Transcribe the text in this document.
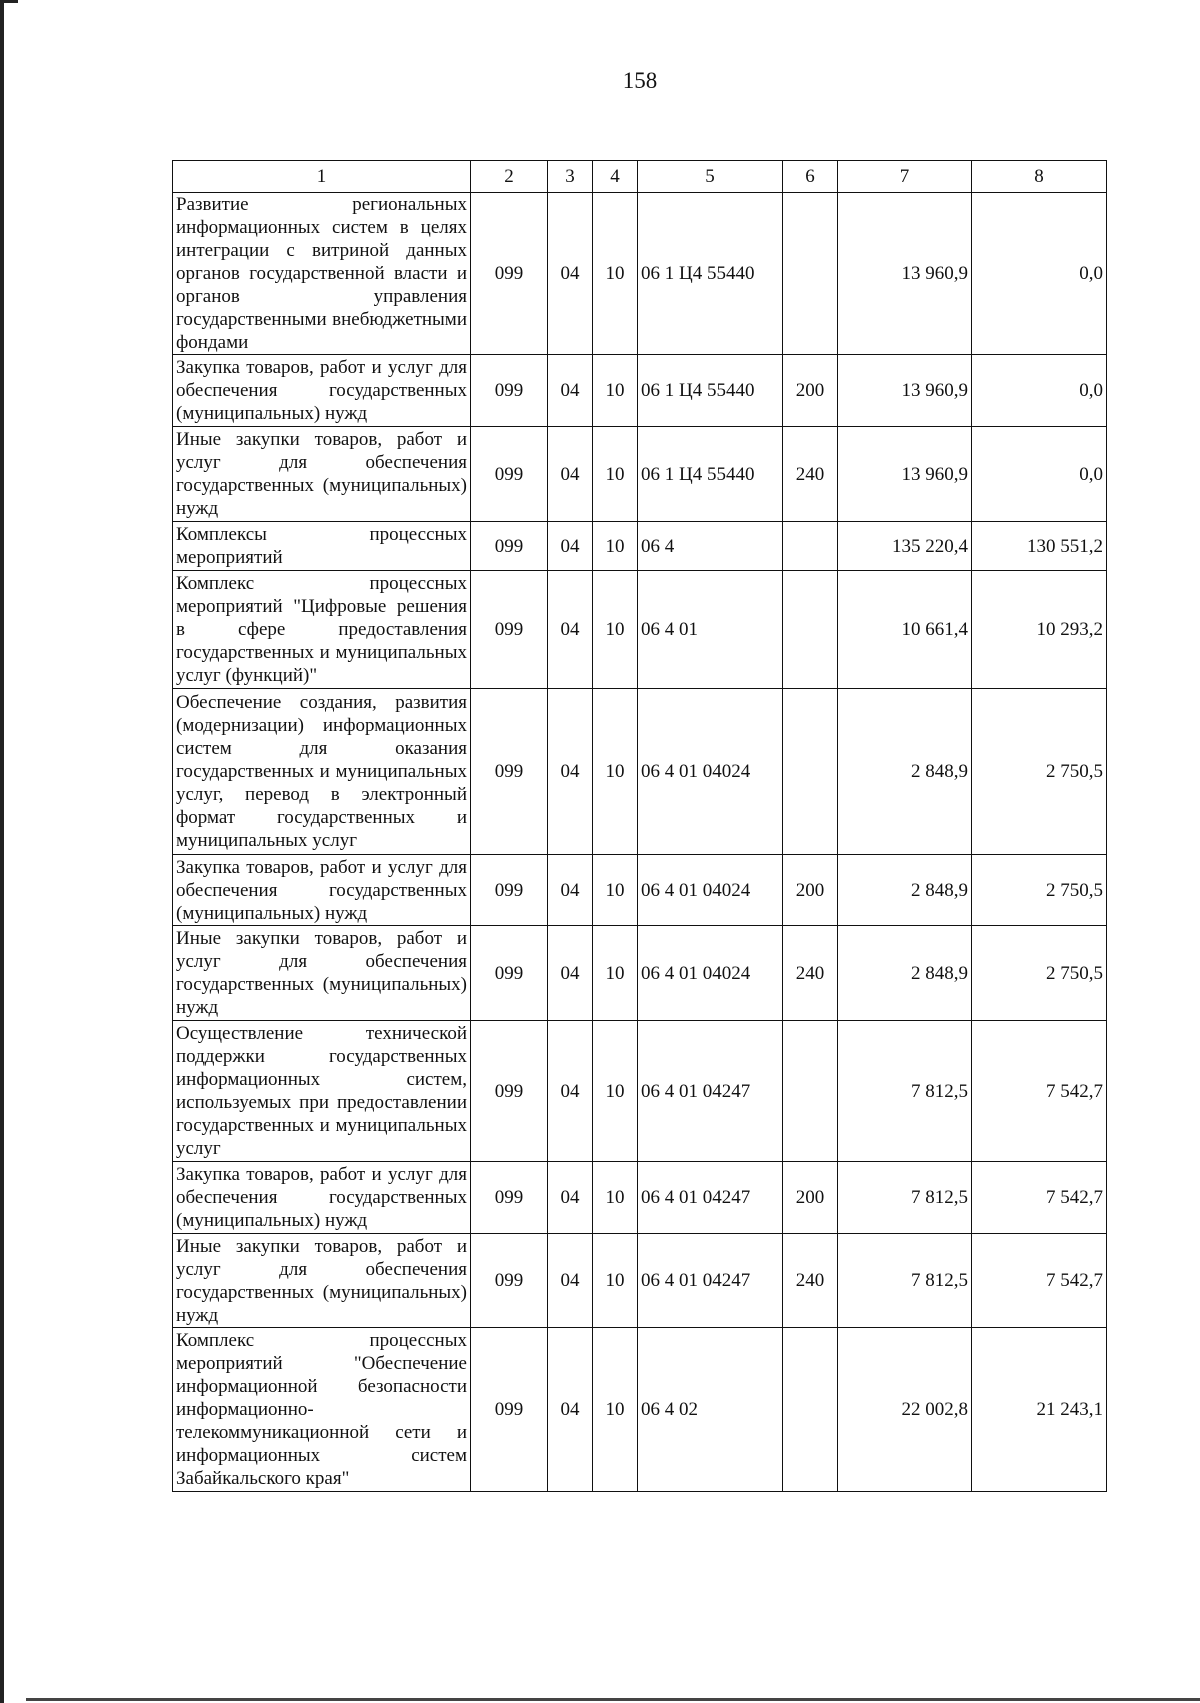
158
1	2	3	4	5	6	7	8
Развитие региональных информационных систем в целях интеграции с витриной данных органов государственной власти и органов управления государственными внебюджетными фондами	099	04	10	06 1 Ц4 55440		13 960,9	0,0
Закупка товаров, работ и услуг для обеспечения государственных (муниципальных) нужд	099	04	10	06 1 Ц4 55440	200	13 960,9	0,0
Иные закупки товаров, работ и услуг для обеспечения государственных (муниципальных) нужд	099	04	10	06 1 Ц4 55440	240	13 960,9	0,0
Комплексы процессных мероприятий	099	04	10	06 4		135 220,4	130 551,2
Комплекс процессных мероприятий "Цифровые решения в сфере предоставления государственных и муниципальных услуг (функций)"	099	04	10	06 4 01		10 661,4	10 293,2
Обеспечение создания, развития (модернизации) информационных систем для оказания государственных и муниципальных услуг, перевод в электронный формат государственных и муниципальных услуг	099	04	10	06 4 01 04024		2 848,9	2 750,5
Закупка товаров, работ и услуг для обеспечения государственных (муниципальных) нужд	099	04	10	06 4 01 04024	200	2 848,9	2 750,5
Иные закупки товаров, работ и услуг для обеспечения государственных (муниципальных) нужд	099	04	10	06 4 01 04024	240	2 848,9	2 750,5
Осуществление технической поддержки государственных информационных систем, используемых при предоставлении государственных и муниципальных услуг	099	04	10	06 4 01 04247		7 812,5	7 542,7
Закупка товаров, работ и услуг для обеспечения государственных (муниципальных) нужд	099	04	10	06 4 01 04247	200	7 812,5	7 542,7
Иные закупки товаров, работ и услуг для обеспечения государственных (муниципальных) нужд	099	04	10	06 4 01 04247	240	7 812,5	7 542,7
Комплекс процессных мероприятий "Обеспечение информационной безопасности информационно-телекоммуникационной сети и информационных систем Забайкальского края"	099	04	10	06 4 02		22 002,8	21 243,1
